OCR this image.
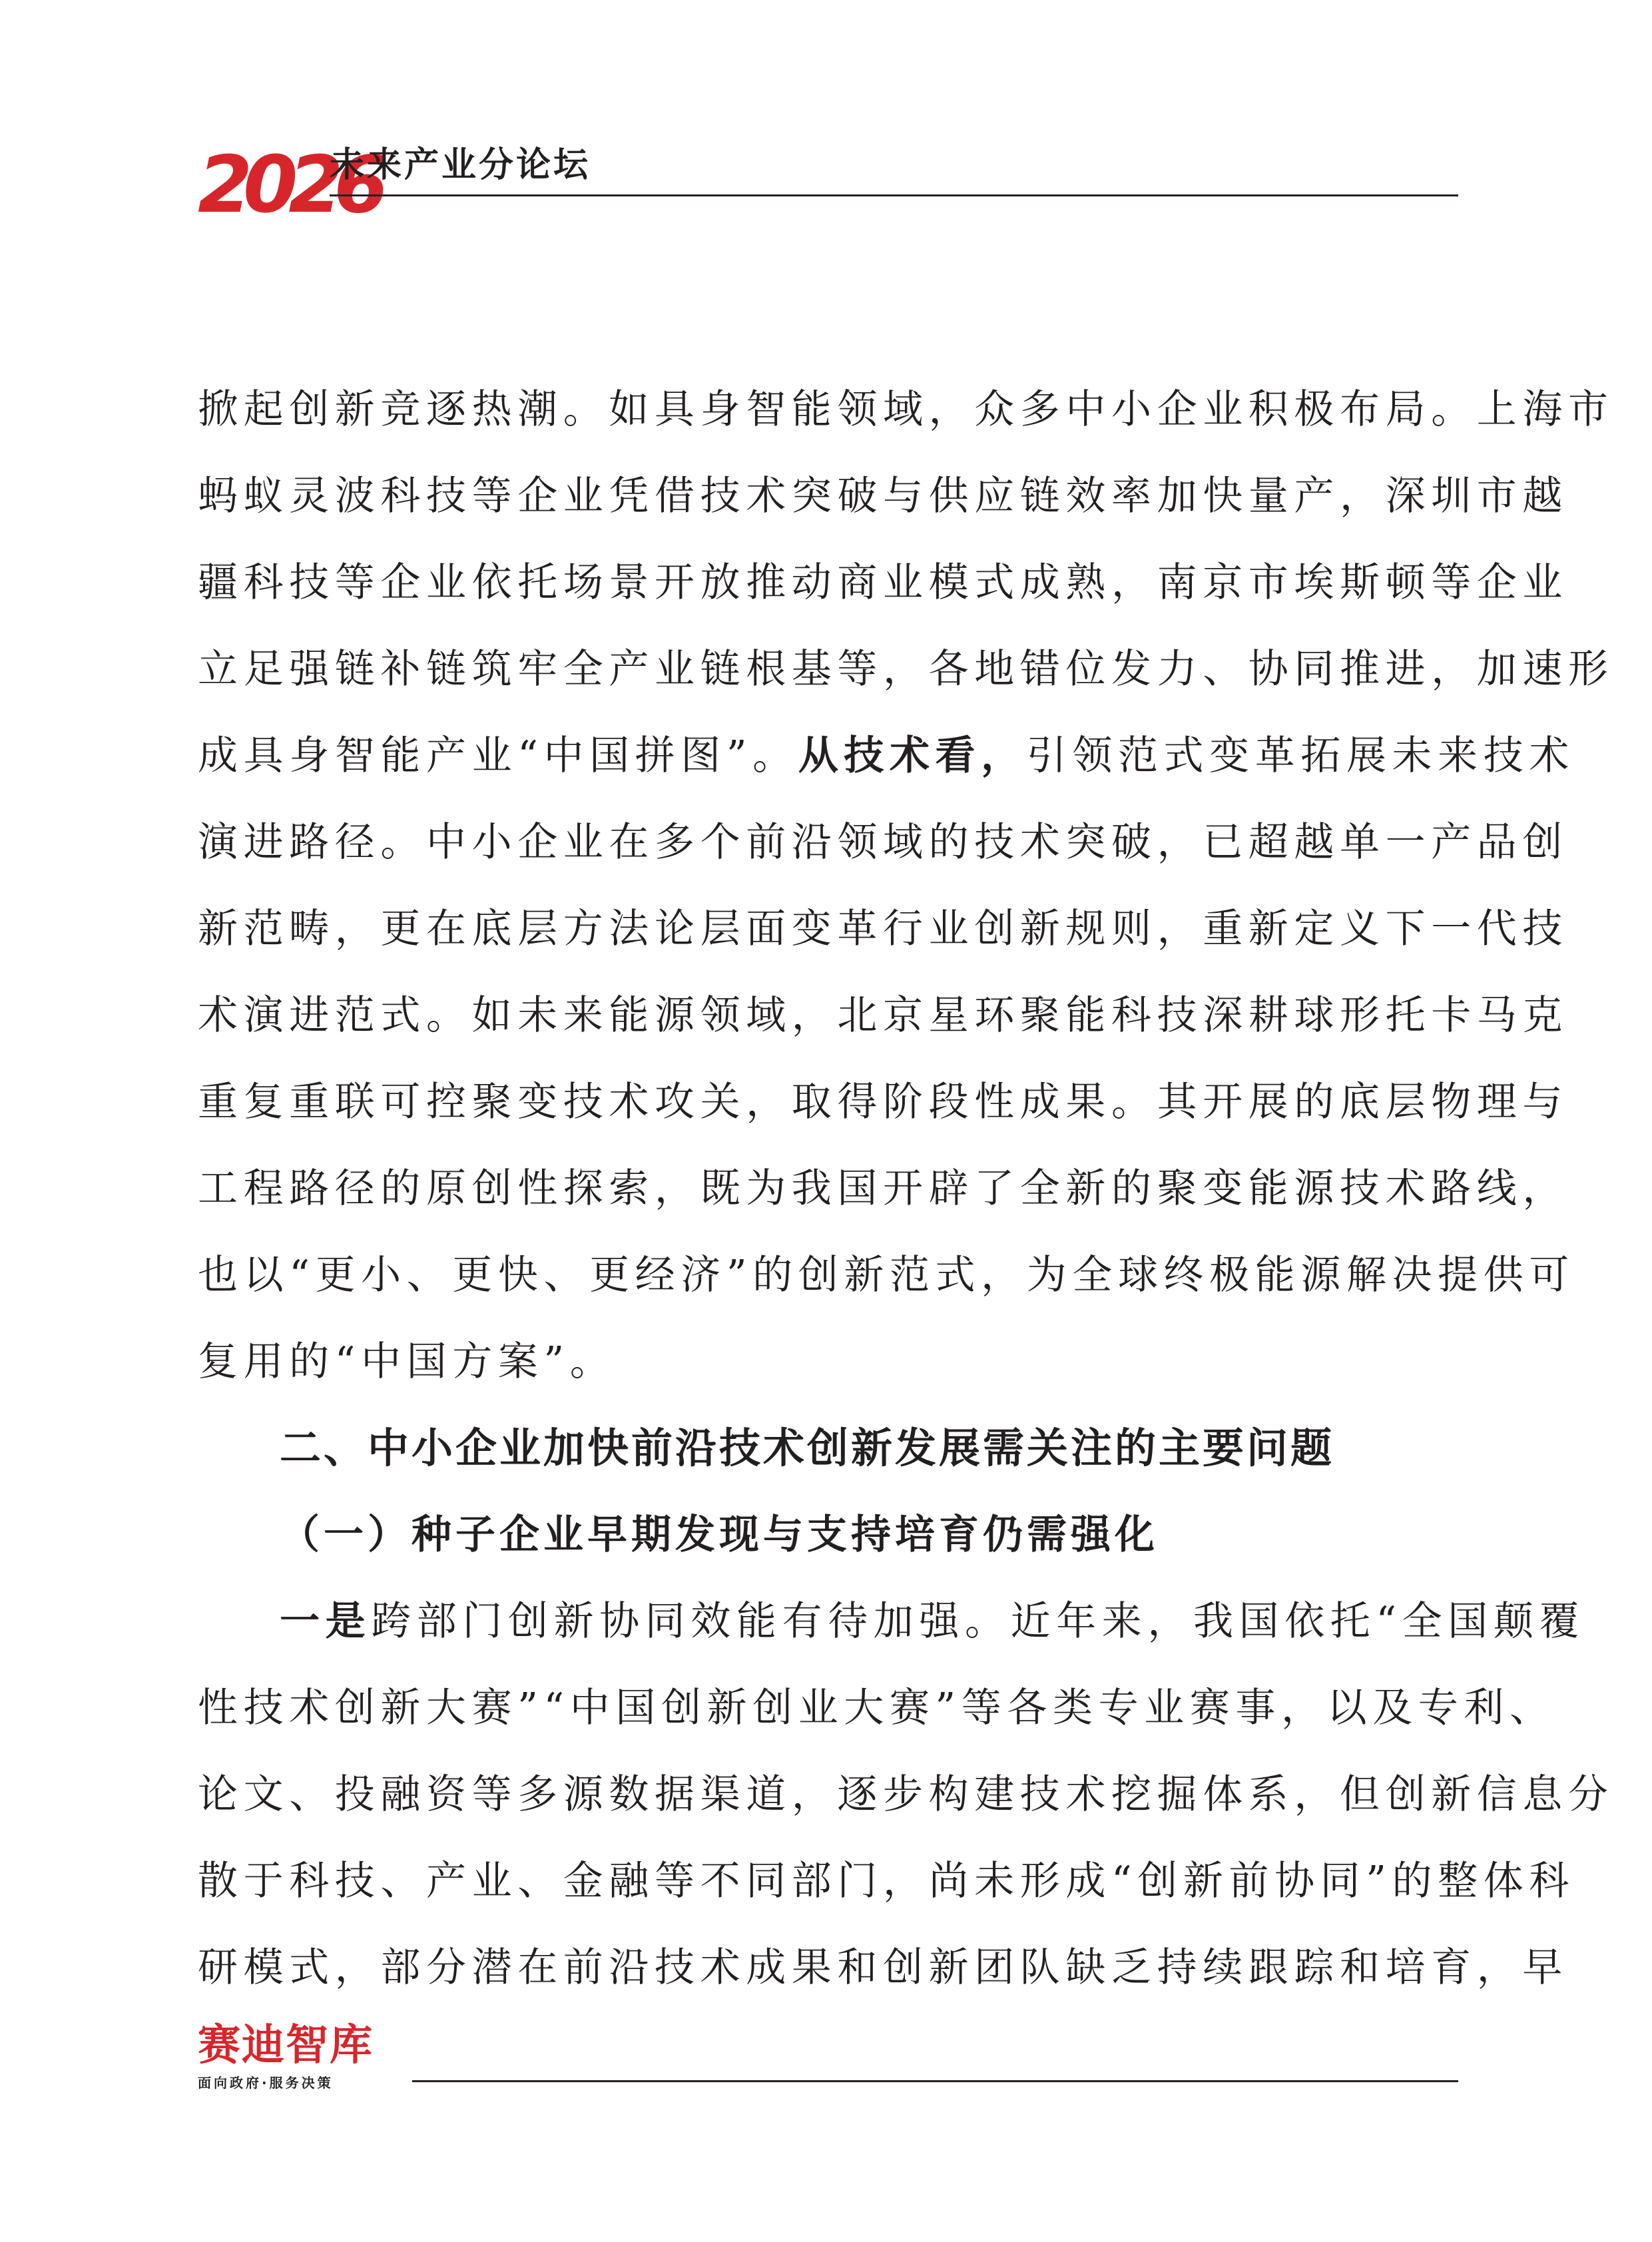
2026
未来产业分论坛

掀起创新竞逐热潮。如具身智能领域，众多中小企业积极布局。上海市

蚂蚁灵波科技等企业凭借技术突破与供应链效率加快量产，深圳市越

疆科技等企业依托场景开放推动商业模式成熟，南京市埃斯顿等企业

立足强链补链筑牢全产业链根基等，各地错位发力、协同推进，加速形

成具身智能产业“中国拼图”。从技术看，引领范式变革拓展未来技术

演进路径。中小企业在多个前沿领域的技术突破，已超越单一产品创

新范畴，更在底层方法论层面变革行业创新规则，重新定义下一代技

术演进范式。如未来能源领域，北京星环聚能科技深耕球形托卡马克

重复重联可控聚变技术攻关，取得阶段性成果。其开展的底层物理与

工程路径的原创性探索，既为我国开辟了全新的聚变能源技术路线，

也以“更小、更快、更经济”的创新范式，为全球终极能源解决提供可

复用的“中国方案”。

二、中小企业加快前沿技术创新发展需关注的主要问题
（一）种子企业早期发现与支持培育仍需强化

一是跨部门创新协同效能有待加强。近年来，我国依托“全国颠覆

性技术创新大赛”“中国创新创业大赛”等各类专业赛事，以及专利、

论文、投融资等多源数据渠道，逐步构建技术挖掘体系，但创新信息分

散于科技、产业、金融等不同部门，尚未形成“创新前协同”的整体科

研模式，部分潜在前沿技术成果和创新团队缺乏持续跟踪和培育，早

赛迪智库
面向政府·服务决策
